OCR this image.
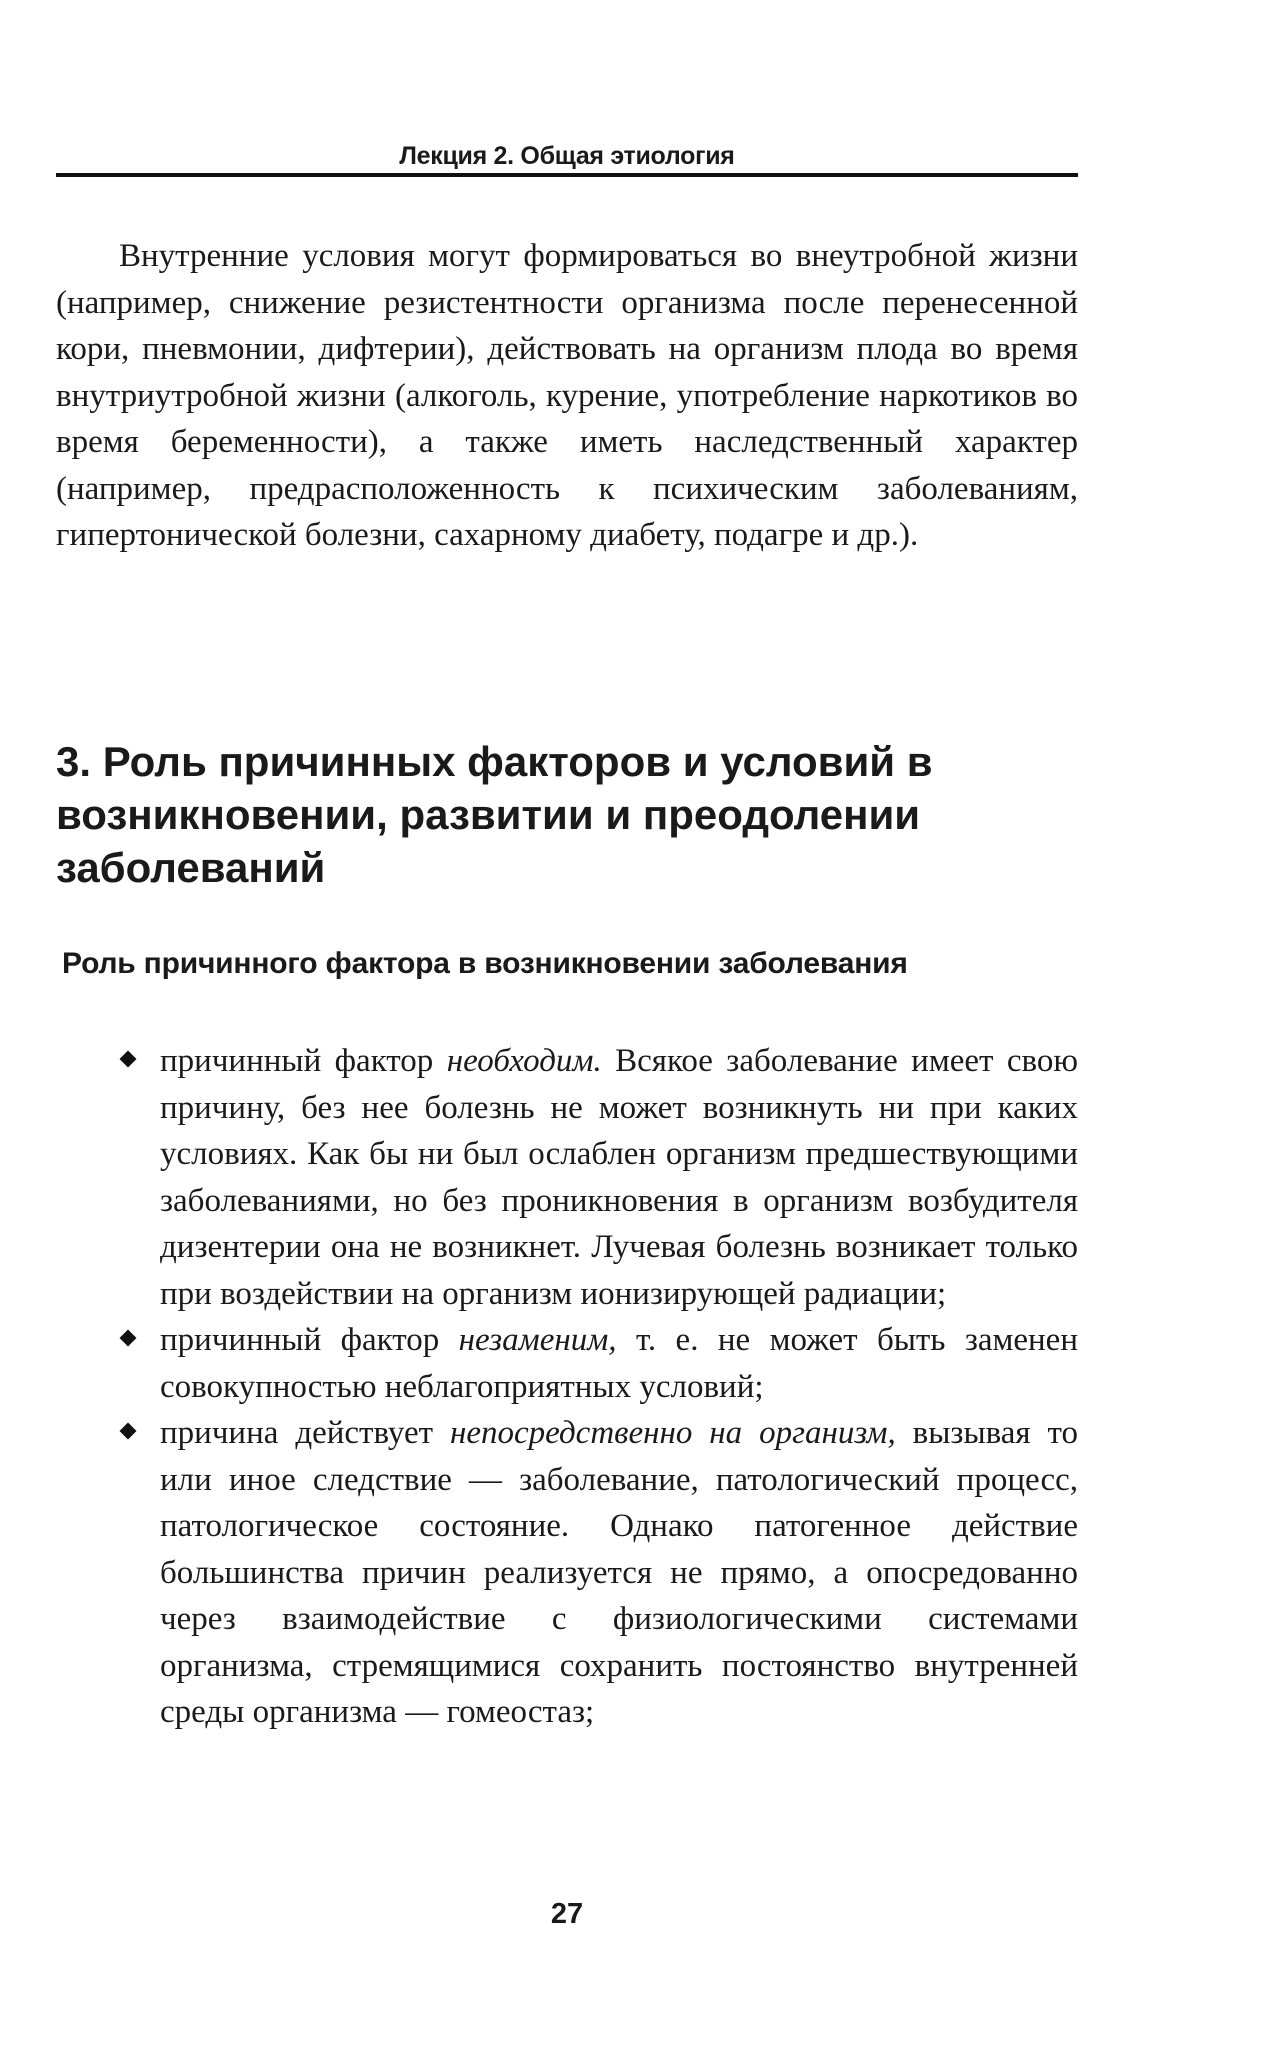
Лекция 2. Общая этиология

Внутренние условия могут формироваться во внеутробной жизни (например, снижение резистентности организма после перенесенной кори, пневмонии, дифтерии), действовать на организм плода во время внутриутробной жизни (алкоголь, курение, употребление наркотиков во время беременности), а также иметь наследственный характер (например, предрасположенность к психическим заболеваниям, гипертонической болезни, сахарному диабету, подагре и др.).

3. Роль причинных факторов и условий в возникновении, развитии и преодолении заболеваний
Роль причинного фактора в возникновении заболевания
причинный фактор необходим. Всякое заболевание имеет свою причину, без нее болезнь не может возникнуть ни при каких условиях. Как бы ни был ослаблен организм предшествующими заболеваниями, но без проникновения в организм возбудителя дизентерии она не возникнет. Лучевая болезнь возникает только при воздействии на организм ионизирующей радиации;
причинный фактор незаменим, т. е. не может быть заменен совокупностью неблагоприятных условий;
причина действует непосредственно на организм, вызывая то или иное следствие — заболевание, патологический процесс, патологическое состояние. Однако патогенное действие большинства причин реализуется не прямо, а опосредованно через взаимодействие с физиологическими системами организма, стремящимися сохранить постоянство внутренней среды организма — гомеостаз;
27
